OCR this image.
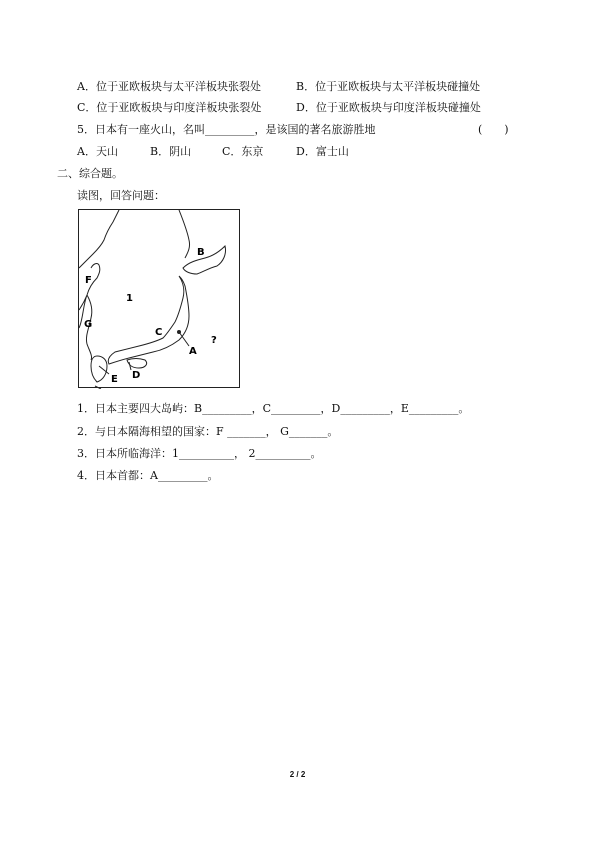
A．位于亚欧板块与太平洋板块张裂处	B．位于亚欧板块与太平洋板块碰撞处
C．位于亚欧板块与印度洋板块张裂处	D．位于亚欧板块与印度洋板块碰撞处
5．日本有一座火山，名叫_________，是该国的著名旅游胜地	(　　)
A．天山	B．阴山	C．东京	D．富士山
二、综合题。
读图，回答问题：
B
F
1
G
C
?
A
D
E
1．日本主要四大岛屿：B_________，C_________，D_________，E_________。
2．与日本隔海相望的国家：F _______， G_______。
3．日本所临海洋：1__________， 2__________。
4．日本首都：A_________。
2 / 2
